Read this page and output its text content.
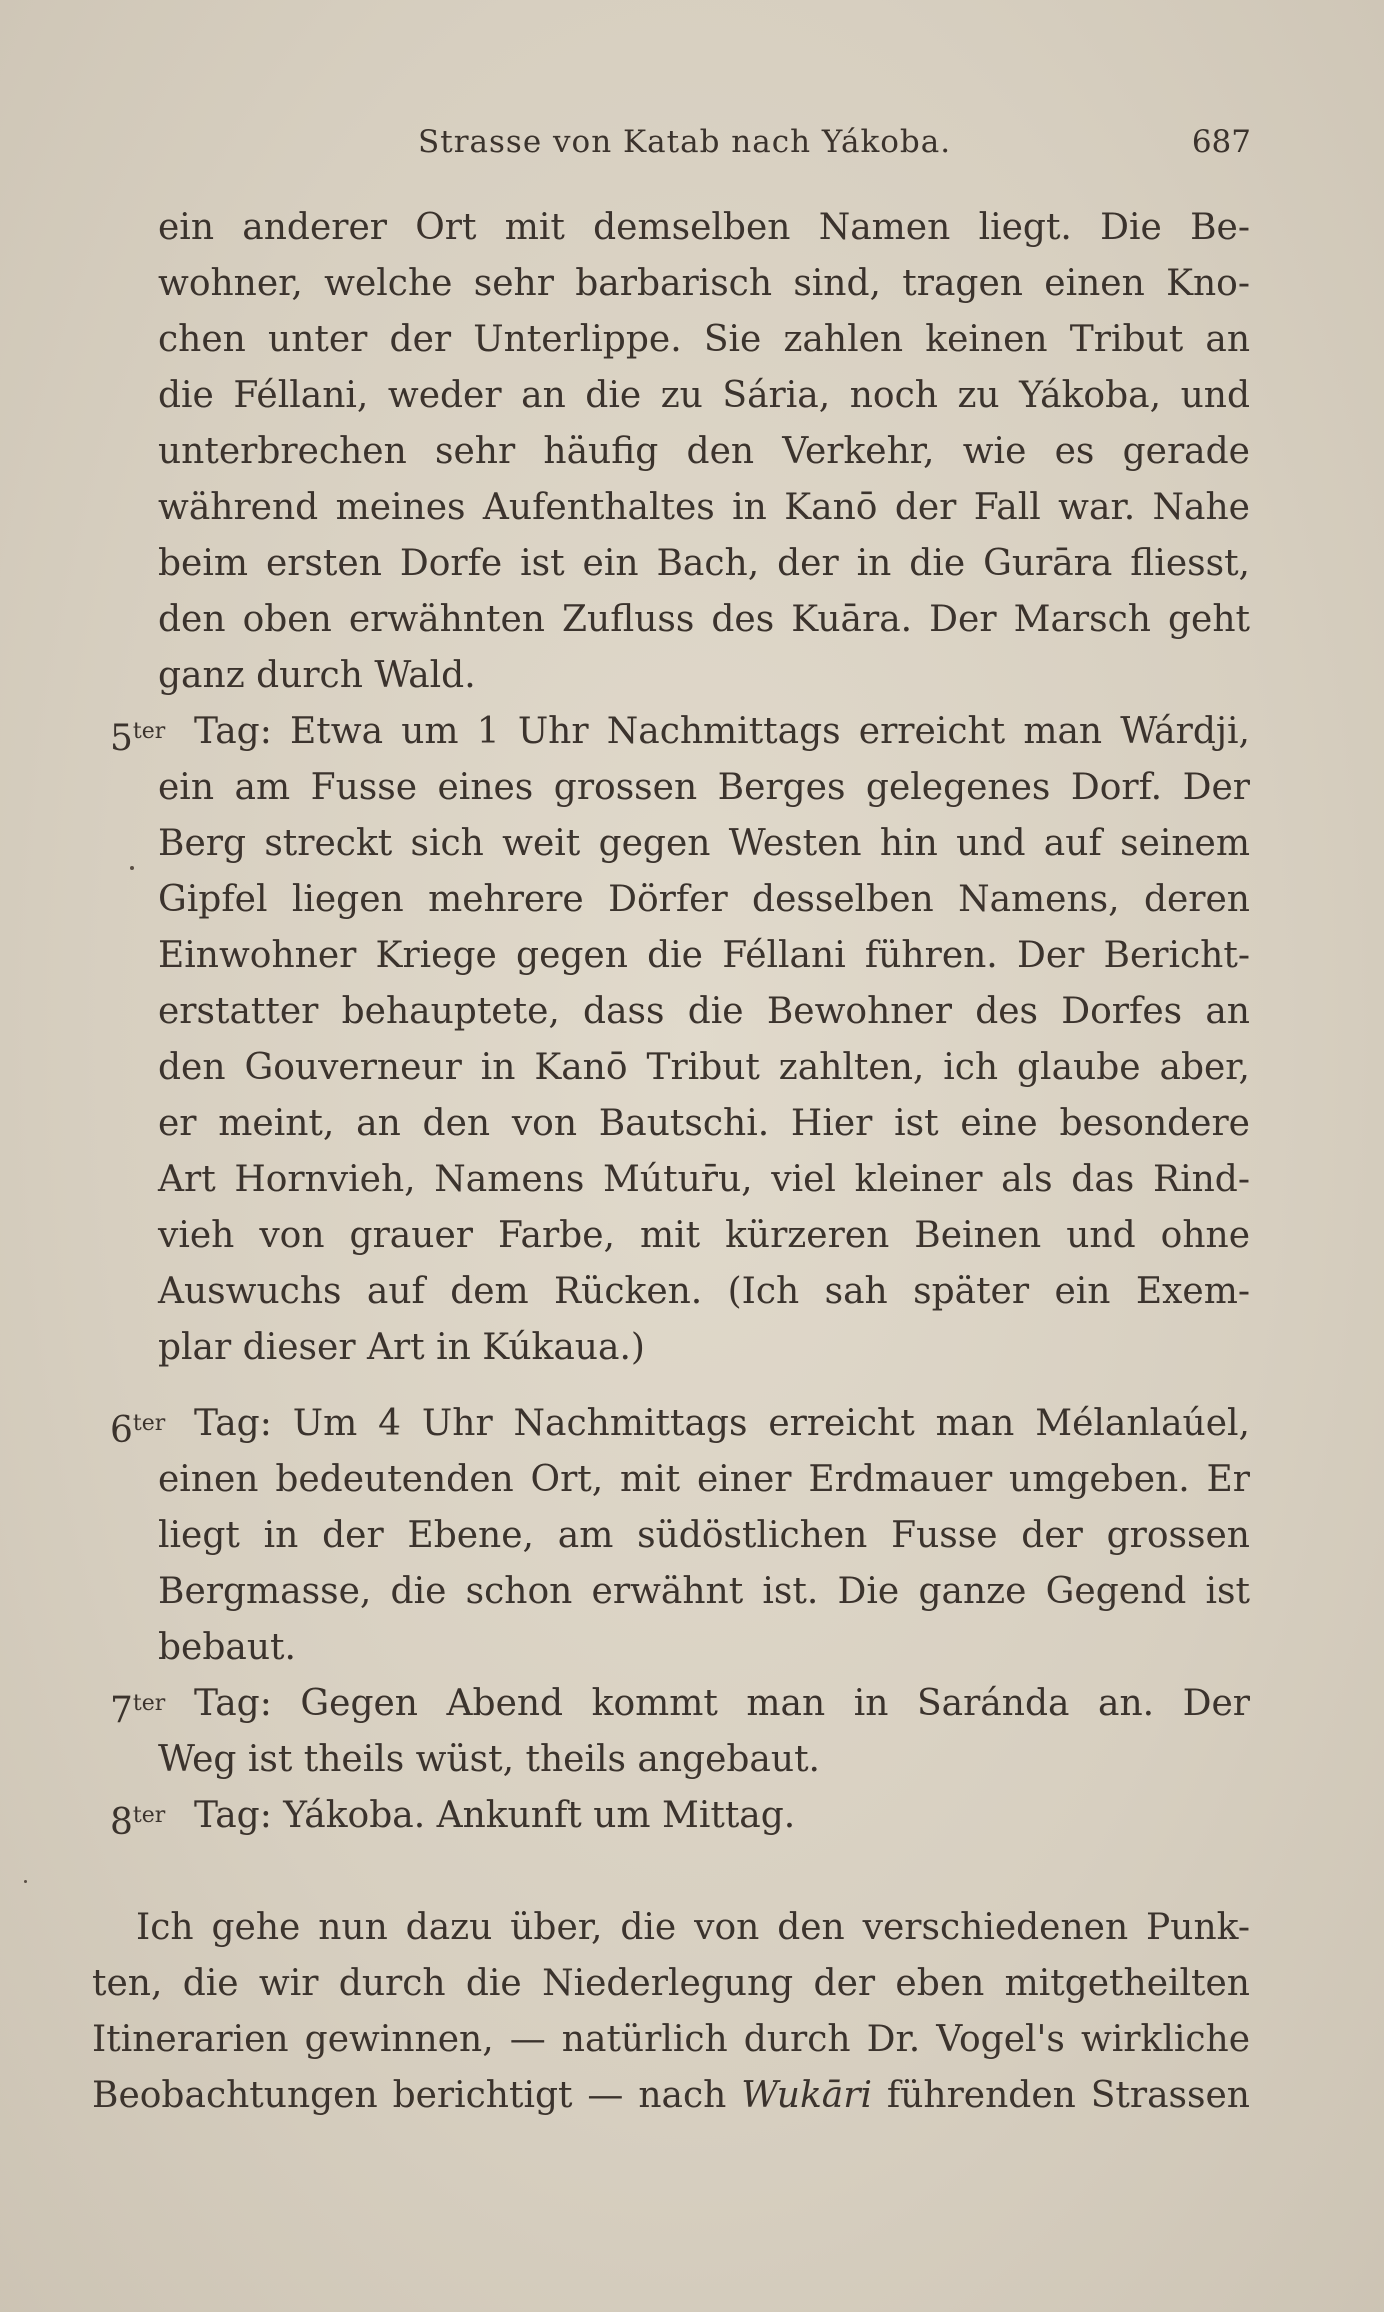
Strasse von Katab nach Yákoba.	687
ein anderer Ort mit demselben Namen liegt. Die Be-
wohner, welche sehr barbarisch sind, tragen einen Kno-
chen unter der Unterlippe. Sie zahlen keinen Tribut an
die Féllani, weder an die zu Sária, noch zu Yákoba, und
unterbrechen sehr häufig den Verkehr, wie es gerade
während meines Aufenthaltes in Kanō der Fall war. Nahe
beim ersten Dorfe ist ein Bach, der in die Gurāra fliesst,
den oben erwähnten Zufluss des Kuāra. Der Marsch geht
ganz durch Wald.
$5^{ter}$ Tag: Etwa um 1 Uhr Nachmittags erreicht man Wárdji,
ein am Fusse eines grossen Berges gelegenes Dorf. Der
Berg streckt sich weit gegen Westen hin und auf seinem
Gipfel liegen mehrere Dörfer desselben Namens, deren
Einwohner Kriege gegen die Féllani führen. Der Bericht-
erstatter behauptete, dass die Bewohner des Dorfes an
den Gouverneur in Kanō Tribut zahlten, ich glaube aber,
er meint, an den von Bautschi. Hier ist eine besondere
Art Hornvieh, Namens Mútur̄u, viel kleiner als das Rind-
vieh von grauer Farbe, mit kürzeren Beinen und ohne
Auswuchs auf dem Rücken. (Ich sah später ein Exem-
plar dieser Art in Kúkaua.)
$6^{ter}$ Tag: Um 4 Uhr Nachmittags erreicht man Mélanlaúel,
einen bedeutenden Ort, mit einer Erdmauer umgeben. Er
liegt in der Ebene, am südöstlichen Fusse der grossen
Bergmasse, die schon erwähnt ist. Die ganze Gegend ist
bebaut.
$7^{ter}$ Tag: Gegen Abend kommt man in Saránda an. Der
Weg ist theils wüst, theils angebaut.
$8^{ter}$ Tag: Yákoba. Ankunft um Mittag.
Ich gehe nun dazu über, die von den verschiedenen Punk-
ten, die wir durch die Niederlegung der eben mitgetheilten
Itinerarien gewinnen, — natürlich durch Dr. Vogel's wirkliche
Beobachtungen berichtigt — nach Wukāri führenden Strassen
